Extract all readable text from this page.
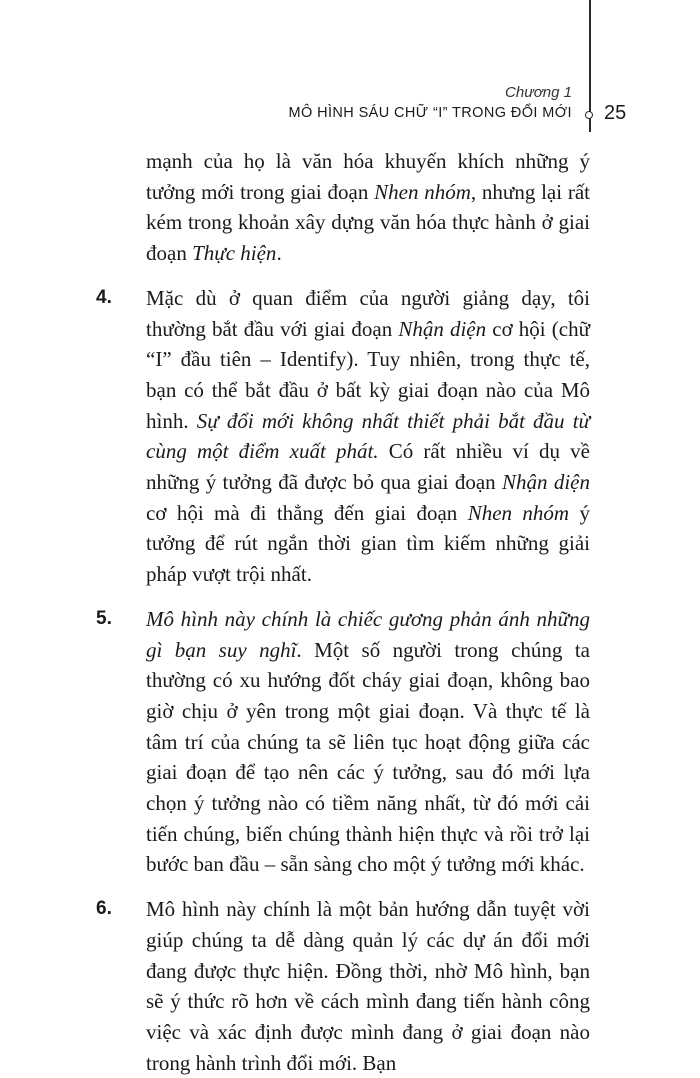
Chương 1
MÔ HÌNH SÁU CHỮ “I” TRONG ĐỔI MỚI 25
mạnh của họ là văn hóa khuyến khích những ý tưởng mới trong giai đoạn Nhen nhóm, nhưng lại rất kém trong khoản xây dựng văn hóa thực hành ở giai đoạn Thực hiện.
4. Mặc dù ở quan điểm của người giảng dạy, tôi thường bắt đầu với giai đoạn Nhận diện cơ hội (chữ “I” đầu tiên – Identify). Tuy nhiên, trong thực tế, bạn có thể bắt đầu ở bất kỳ giai đoạn nào của Mô hình. Sự đổi mới không nhất thiết phải bắt đầu từ cùng một điểm xuất phát. Có rất nhiều ví dụ về những ý tưởng đã được bỏ qua giai đoạn Nhận diện cơ hội mà đi thẳng đến giai đoạn Nhen nhóm ý tưởng để rút ngắn thời gian tìm kiếm những giải pháp vượt trội nhất.
5. Mô hình này chính là chiếc gương phản ánh những gì bạn suy nghĩ. Một số người trong chúng ta thường có xu hướng đốt cháy giai đoạn, không bao giờ chịu ở yên trong một giai đoạn. Và thực tế là tâm trí của chúng ta sẽ liên tục hoạt động giữa các giai đoạn để tạo nên các ý tưởng, sau đó mới lựa chọn ý tưởng nào có tiềm năng nhất, từ đó mới cải tiến chúng, biến chúng thành hiện thực và rồi trở lại bước ban đầu – sẵn sàng cho một ý tưởng mới khác.
6. Mô hình này chính là một bản hướng dẫn tuyệt vời giúp chúng ta dễ dàng quản lý các dự án đổi mới đang được thực hiện. Đồng thời, nhờ Mô hình, bạn sẽ ý thức rõ hơn về cách mình đang tiến hành công việc và xác định được mình đang ở giai đoạn nào trong hành trình đổi mới. Bạn
